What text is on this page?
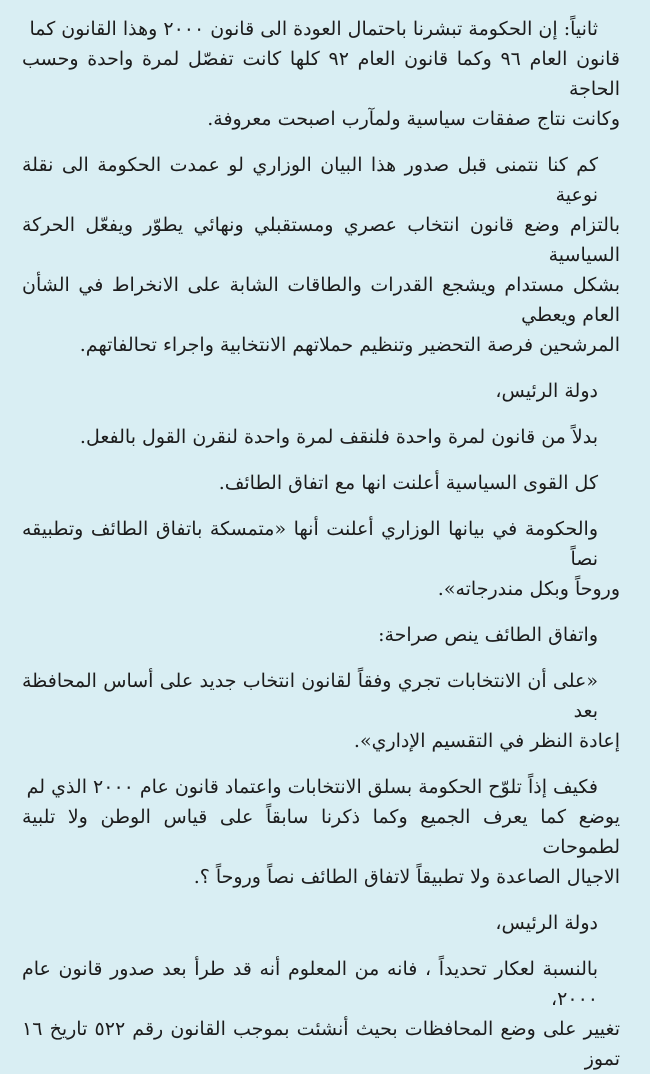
ثانياً: إن الحكومة تبشرنا باحتمال العودة الى قانون ٢٠٠٠ وهذا القانون كما
قانون العام ٩٦ وكما قانون العام ٩٢ كلها كانت تفصّل لمرة واحدة وحسب الحاجة
وكانت نتاج صفقات سياسية ولمآرب اصبحت معروفة.
كم كنا نتمنى قبل صدور هذا البيان الوزاري لو عمدت الحكومة الى نقلة نوعية
بالتزام وضع قانون انتخاب عصري ومستقبلي ونهائي يطوّر ويفعّل الحركة السياسية
بشكل مستدام ويشجع القدرات والطاقات الشابة على الانخراط في الشأن العام ويعطي
المرشحين فرصة التحضير وتنظيم حملاتهم الانتخابية واجراء تحالفاتهم.
دولة الرئيس،
بدلاً من قانون لمرة واحدة فلنقف لمرة واحدة لنقرن القول بالفعل.
كل القوى السياسية أعلنت انها مع اتفاق الطائف.
والحكومة في بيانها الوزاري أعلنت أنها «متمسكة باتفاق الطائف وتطبيقه نصاً
وروحاً وبكل مندرجاته».
واتفاق الطائف ينص صراحة:
«على أن الانتخابات تجري وفقاً لقانون انتخاب جديد على أساس المحافظة بعد
إعادة النظر في التقسيم الإداري».
فكيف إذاً تلوّح الحكومة بسلق الانتخابات واعتماد قانون عام ٢٠٠٠ الذي لم
يوضع كما يعرف الجميع وكما ذكرنا سابقاً على قياس الوطن ولا تلبية لطموحات
الاجيال الصاعدة ولا تطبيقاً لاتفاق الطائف نصاً وروحاً ؟.
دولة الرئيس،
بالنسبة لعكار تحديداً ، فانه من المعلوم أنه قد طرأ بعد صدور قانون عام ٢٠٠٠،
تغيير على وضع المحافظات بحيث أنشئت بموجب القانون رقم ٥٢٢ تاريخ ١٦ تموز
